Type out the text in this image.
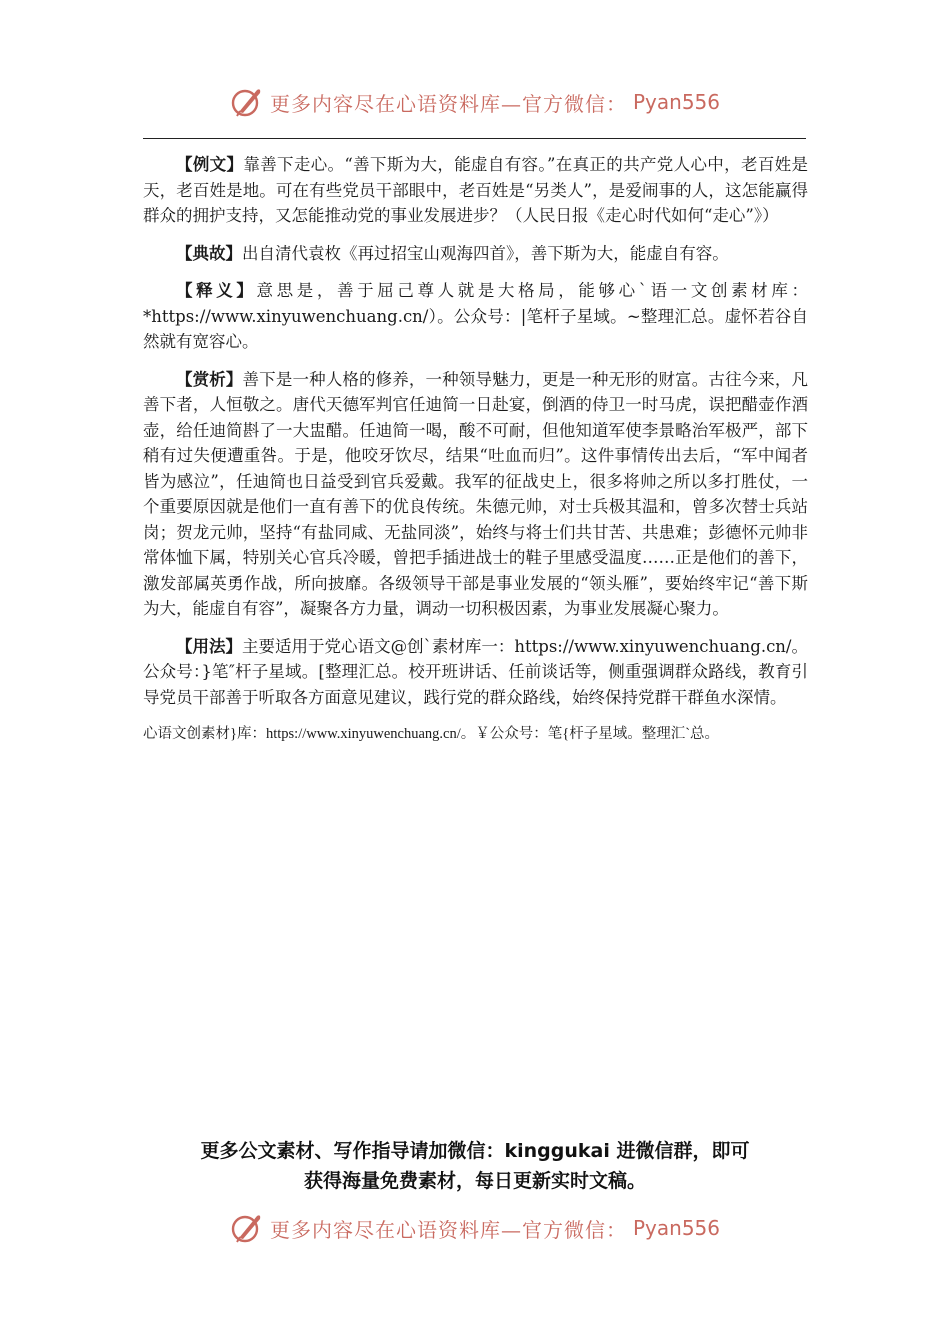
更多内容尽在心语资料库—官方微信： Pyan556

【例文】靠善下走心。“善下斯为大，能虚自有容。”在真正的共产党人心中，老百姓是天，老百姓是地。可在有些党员干部眼中，老百姓是“另类人”，是爱闹事的人，这怎能赢得群众的拥护支持，又怎能推动党的事业发展进步？（人民日报《走心时代如何“走心”》）

【典故】出自清代袁枚《再过招宝山观海四首》，善下斯为大，能虚自有容。

【释义】意思是，善于屈己尊人就是大格局，能够心`语一文创素材库：*https://www.xinyuwenchuang.cn/）。公众号：|笔杆子星域。~整理汇总。虚怀若谷自然就有宽容心。

【赏析】善下是一种人格的修养，一种领导魅力，更是一种无形的财富。古往今来，凡善下者，人恒敬之。唐代天德军判官任迪简一日赴宴，倒酒的侍卫一时马虎，误把醋壶作酒壶，给任迪简斟了一大盅醋。任迪简一喝，酸不可耐，但他知道军使李景略治军极严，部下稍有过失便遭重咎。于是，他咬牙饮尽，结果“吐血而归”。这件事情传出去后，“军中闻者皆为感泣”，任迪简也日益受到官兵爱戴。我军的征战史上，很多将帅之所以多打胜仗，一个重要原因就是他们一直有善下的优良传统。朱德元帅，对士兵极其温和，曾多次替士兵站岗；贺龙元帅，坚持“有盐同咸、无盐同淡”，始终与将士们共甘苦、共患难；彭德怀元帅非常体恤下属，特别关心官兵冷暖，曾把手插进战士的鞋子里感受温度……正是他们的善下，激发部属英勇作战，所向披靡。各级领导干部是事业发展的“领头雁”，要始终牢记“善下斯为大，能虚自有容”，凝聚各方力量，调动一切积极因素，为事业发展凝心聚力。

【用法】主要适用于党心语文@创`素材库一：https://www.xinyuwenchuang.cn/。公众号：}笔″杆子星域。[整理汇总。校开班讲话、任前谈话等，侧重强调群众路线，教育引导党员干部善于听取各方面意见建议，践行党的群众路线，始终保持党群干群鱼水深情。

心语文创素材}库：https://www.xinyuwenchuang.cn/。￥公众号：笔{杆子星域。整理汇`总。

更多公文素材、写作指导请加微信：kinggukai 进微信群，即可
获得海量免费素材，每日更新实时文稿。
更多内容尽在心语资料库—官方微信： Pyan556
